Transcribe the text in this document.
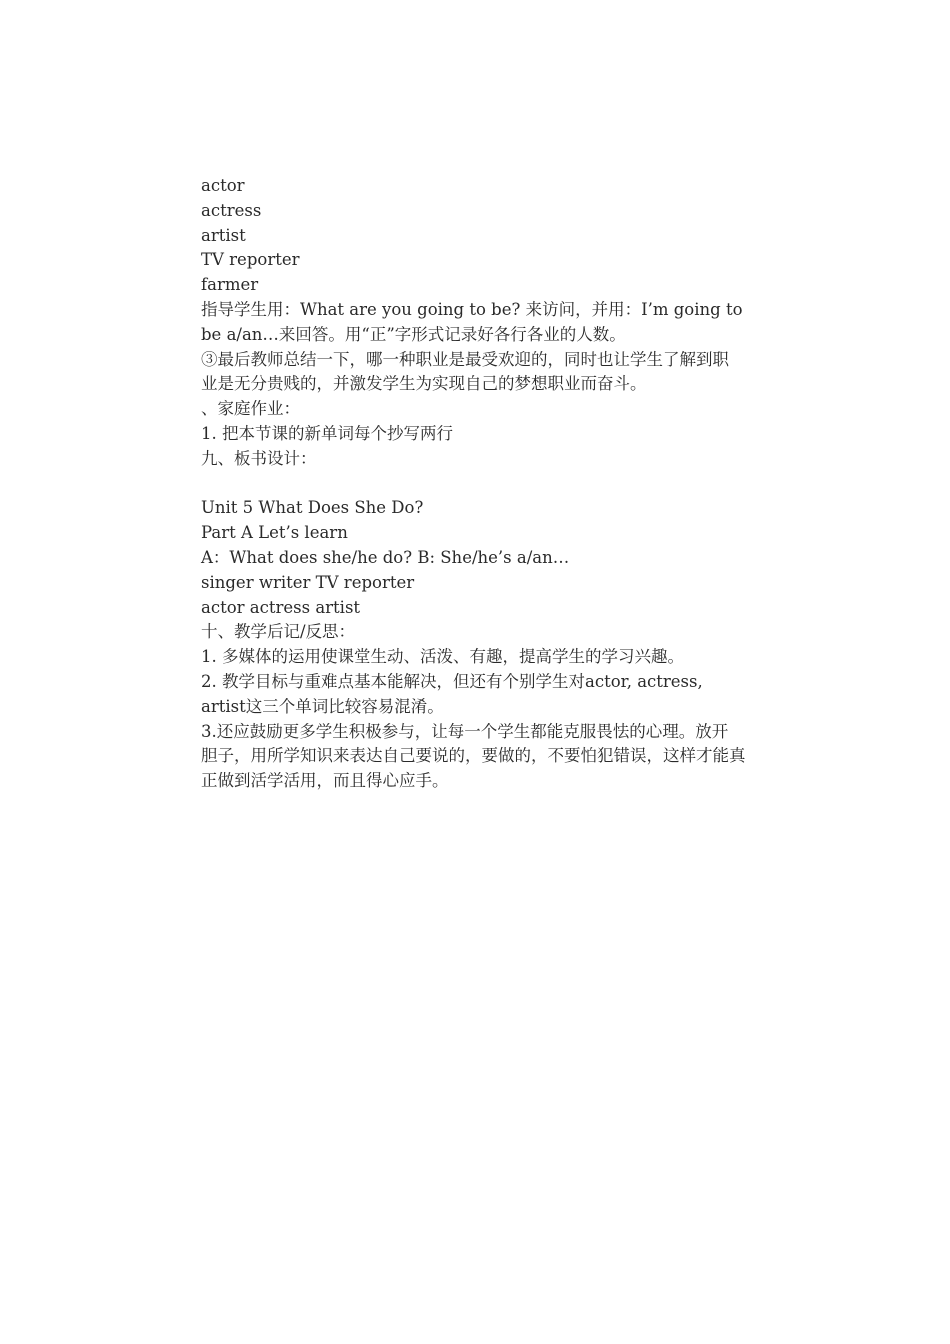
actor
actress
artist
TV reporter
farmer
指导学生用：What are you going to be? 来访问，并用：I’m going to
be a/an…来回答。用“正”字形式记录好各行各业的人数。
③最后教师总结一下，哪一种职业是最受欢迎的，同时也让学生了解到职
业是无分贵贱的，并激发学生为实现自己的梦想职业而奋斗。
、家庭作业：
1. 把本节课的新单词每个抄写两行
九、板书设计：
Unit 5 What Does She Do?
Part A Let’s learn
A：What does she/he do? B: She/he’s a/an…
singer writer TV reporter
actor actress artist
十、教学后记/反思：
1. 多媒体的运用使课堂生动、活泼、有趣，提高学生的学习兴趣。
2. 教学目标与重难点基本能解决，但还有个别学生对actor, actress,
artist这三个单词比较容易混淆。
3.还应鼓励更多学生积极参与，让每一个学生都能克服畏怯的心理。放开
胆子，用所学知识来表达自己要说的，要做的，不要怕犯错误，这样才能真
正做到活学活用，而且得心应手。
